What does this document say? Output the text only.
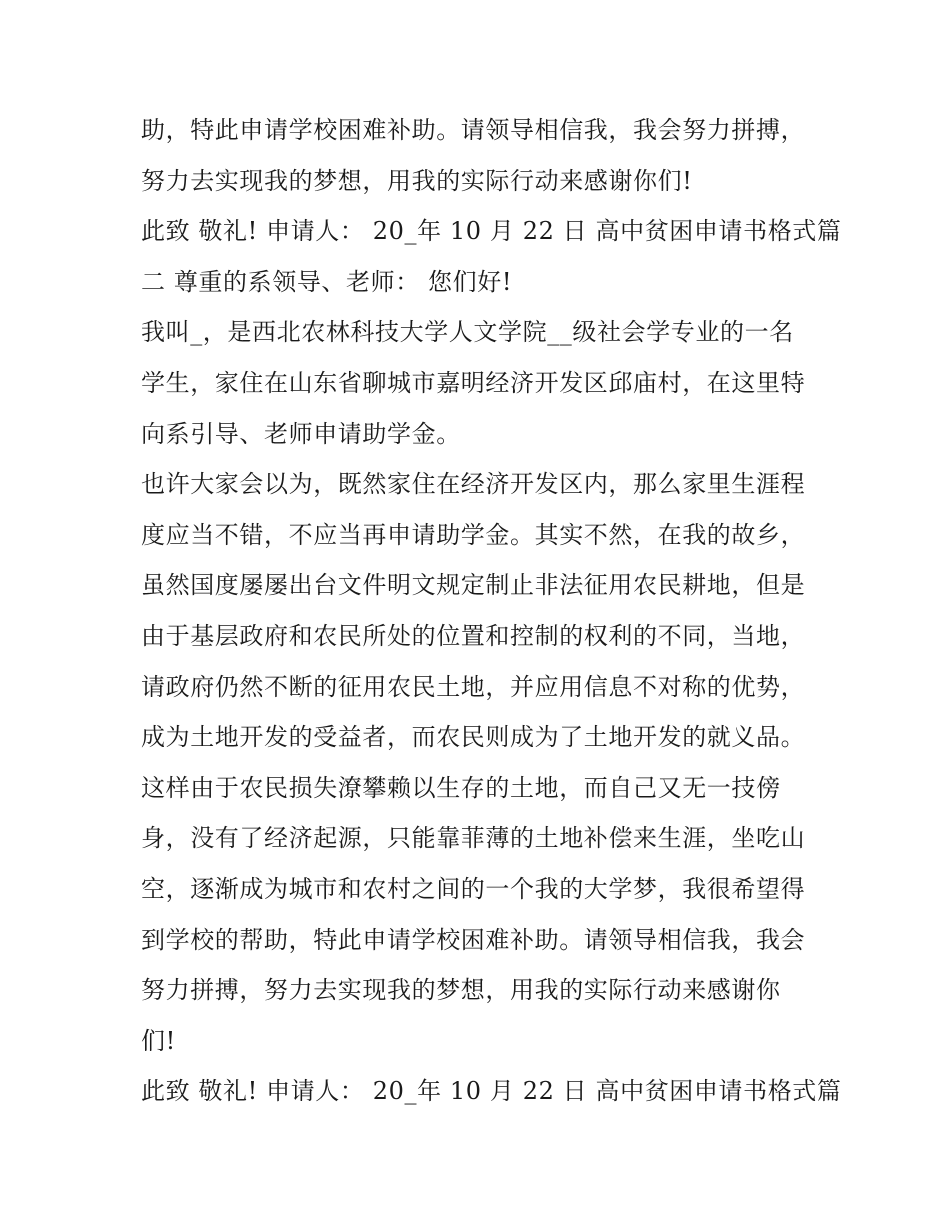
助，特此申请学校困难补助。请领导相信我，我会努力拼搏，
努力去实现我的梦想，用我的实际行动来感谢你们!
此致 敬礼! 申请人： 20_年 10 月 22 日 高中贫困申请书格式篇
二 尊重的系领导、老师： 您们好!
我叫_，是西北农林科技大学人文学院__级社会学专业的一名
学生，家住在山东省聊城市嘉明经济开发区邱庙村，在这里特
向系引导、老师申请助学金。
也许大家会以为，既然家住在经济开发区内，那么家里生涯程
度应当不错，不应当再申请助学金。其实不然，在我的故乡，
虽然国度屡屡出台文件明文规定制止非法征用农民耕地，但是
由于基层政府和农民所处的位置和控制的权利的不同，当地，
请政府仍然不断的征用农民土地，并应用信息不对称的优势，
成为土地开发的受益者，而农民则成为了土地开发的就义品。
这样由于农民损失潦攀赖以生存的土地，而自己又无一技傍
身，没有了经济起源，只能靠菲薄的土地补偿来生涯，坐吃山
空，逐渐成为城市和农村之间的一个我的大学梦，我很希望得
到学校的帮助，特此申请学校困难补助。请领导相信我，我会
努力拼搏，努力去实现我的梦想，用我的实际行动来感谢你
们!
此致 敬礼! 申请人： 20_年 10 月 22 日 高中贫困申请书格式篇
